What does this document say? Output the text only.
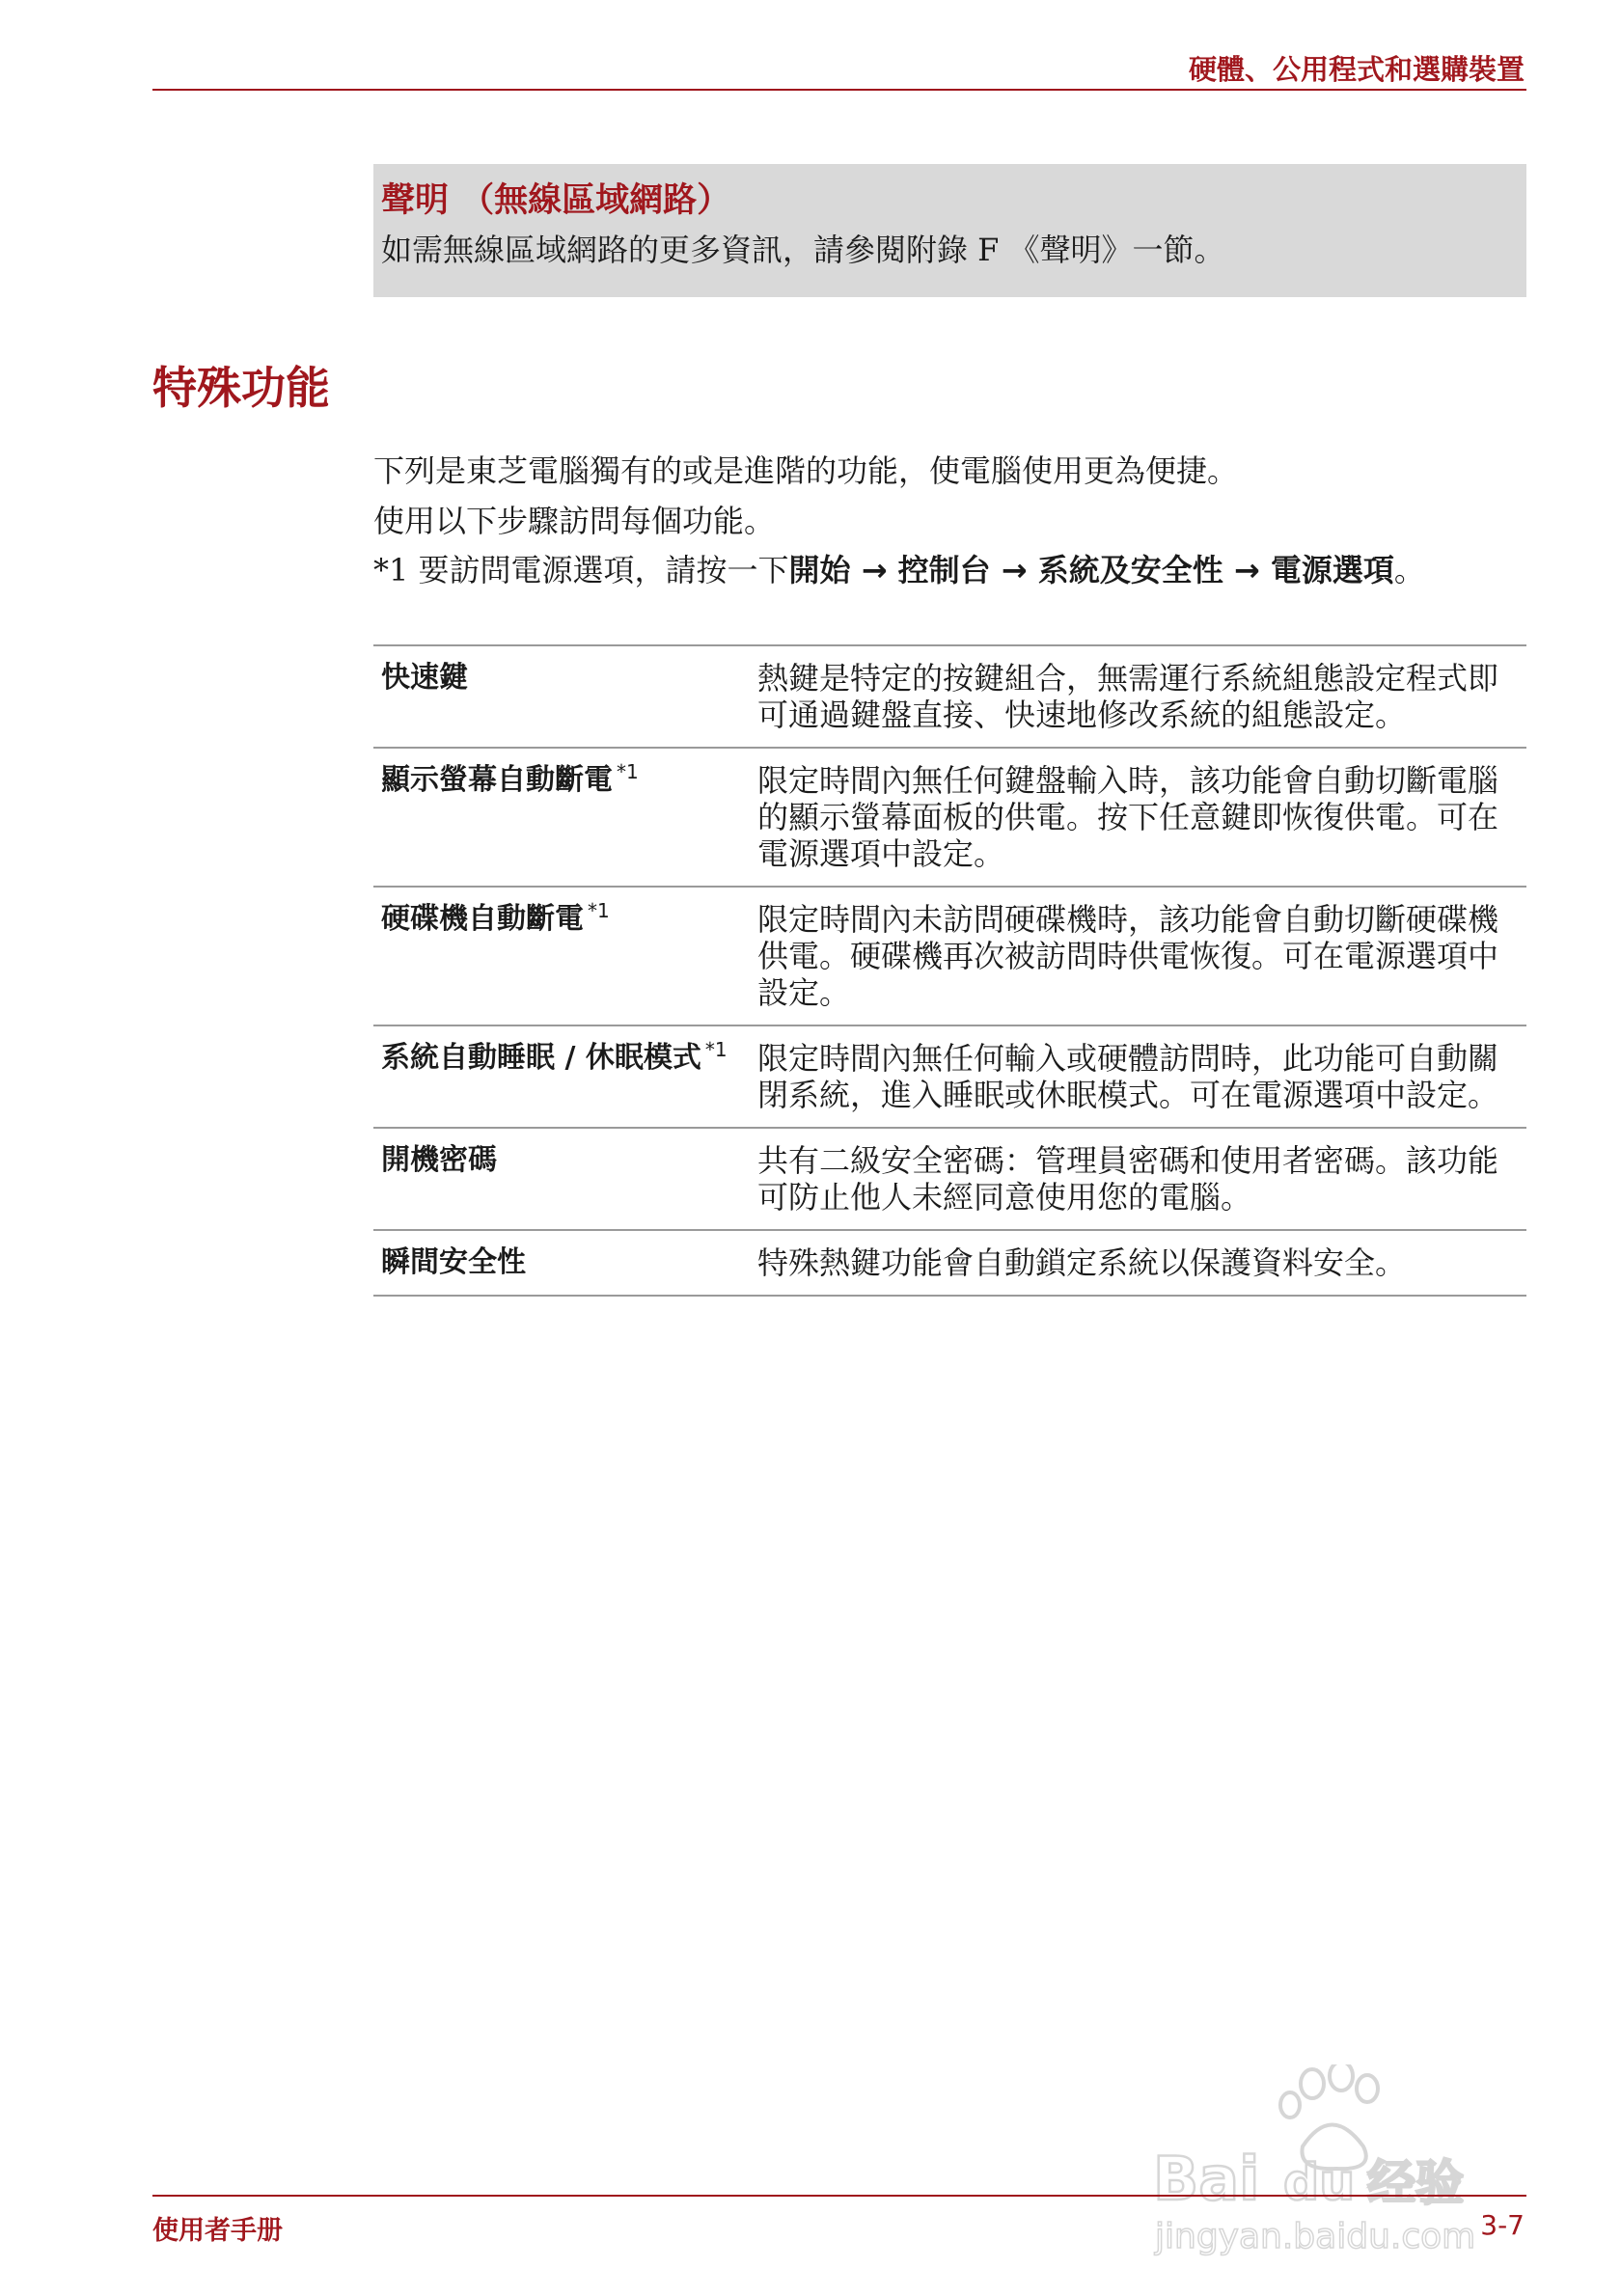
硬體、公用程式和選購裝置
聲明 （無線區域網路）
如需無線區域網路的更多資訊，請參閱附錄 F 《聲明》一節。
特殊功能

下列是東芝電腦獨有的或是進階的功能，使電腦使用更為便捷。

使用以下步驟訪問每個功能。

*1 要訪問電源選項，請按一下開始 → 控制台 → 系統及安全性 → 電源選項。

快速鍵	熱鍵是特定的按鍵組合，無需運行系統組態設定程式即可通過鍵盤直接、快速地修改系統的組態設定。
顯示螢幕自動斷電 $^{*1}$	限定時間內無任何鍵盤輸入時，該功能會自動切斷電腦的顯示螢幕面板的供電。按下任意鍵即恢復供電。可在電源選項中設定。
硬碟機自動斷電 $^{*1}$	限定時間內未訪問硬碟機時，該功能會自動切斷硬碟機供電。硬碟機再次被訪問時供電恢復。可在電源選項中設定。
系統自動睡眠 / 休眠模式 $^{*1}$	限定時間內無任何輸入或硬體訪問時，此功能可自動關閉系統，進入睡眠或休眠模式。可在電源選項中設定。
開機密碼	共有二級安全密碼：管理員密碼和使用者密碼。該功能可防止他人未經同意使用您的電腦。
瞬間安全性	特殊熱鍵功能會自動鎖定系統以保護資料安全。
Bai du 经验
jingyan.baidu.com
使用者手册	3-7
